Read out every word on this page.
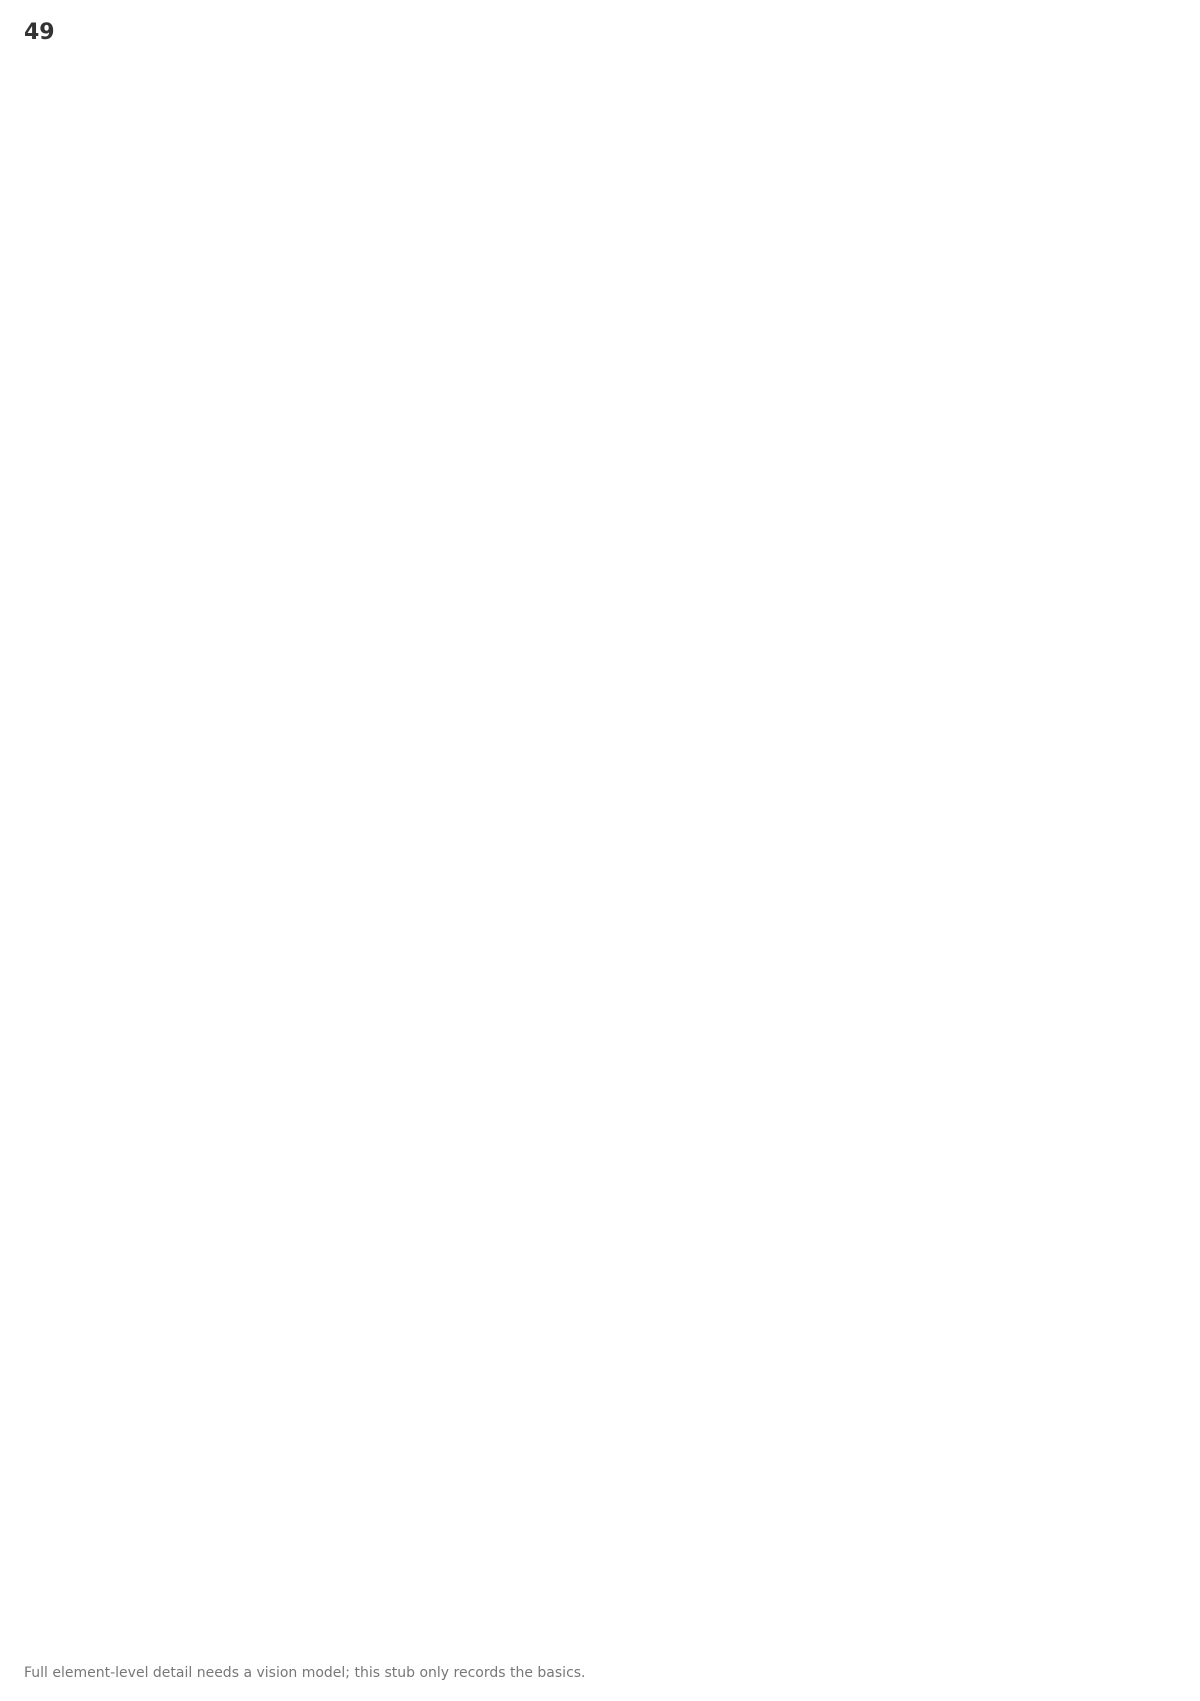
49
Full element-level detail needs a vision model; this stub only records the basics.
